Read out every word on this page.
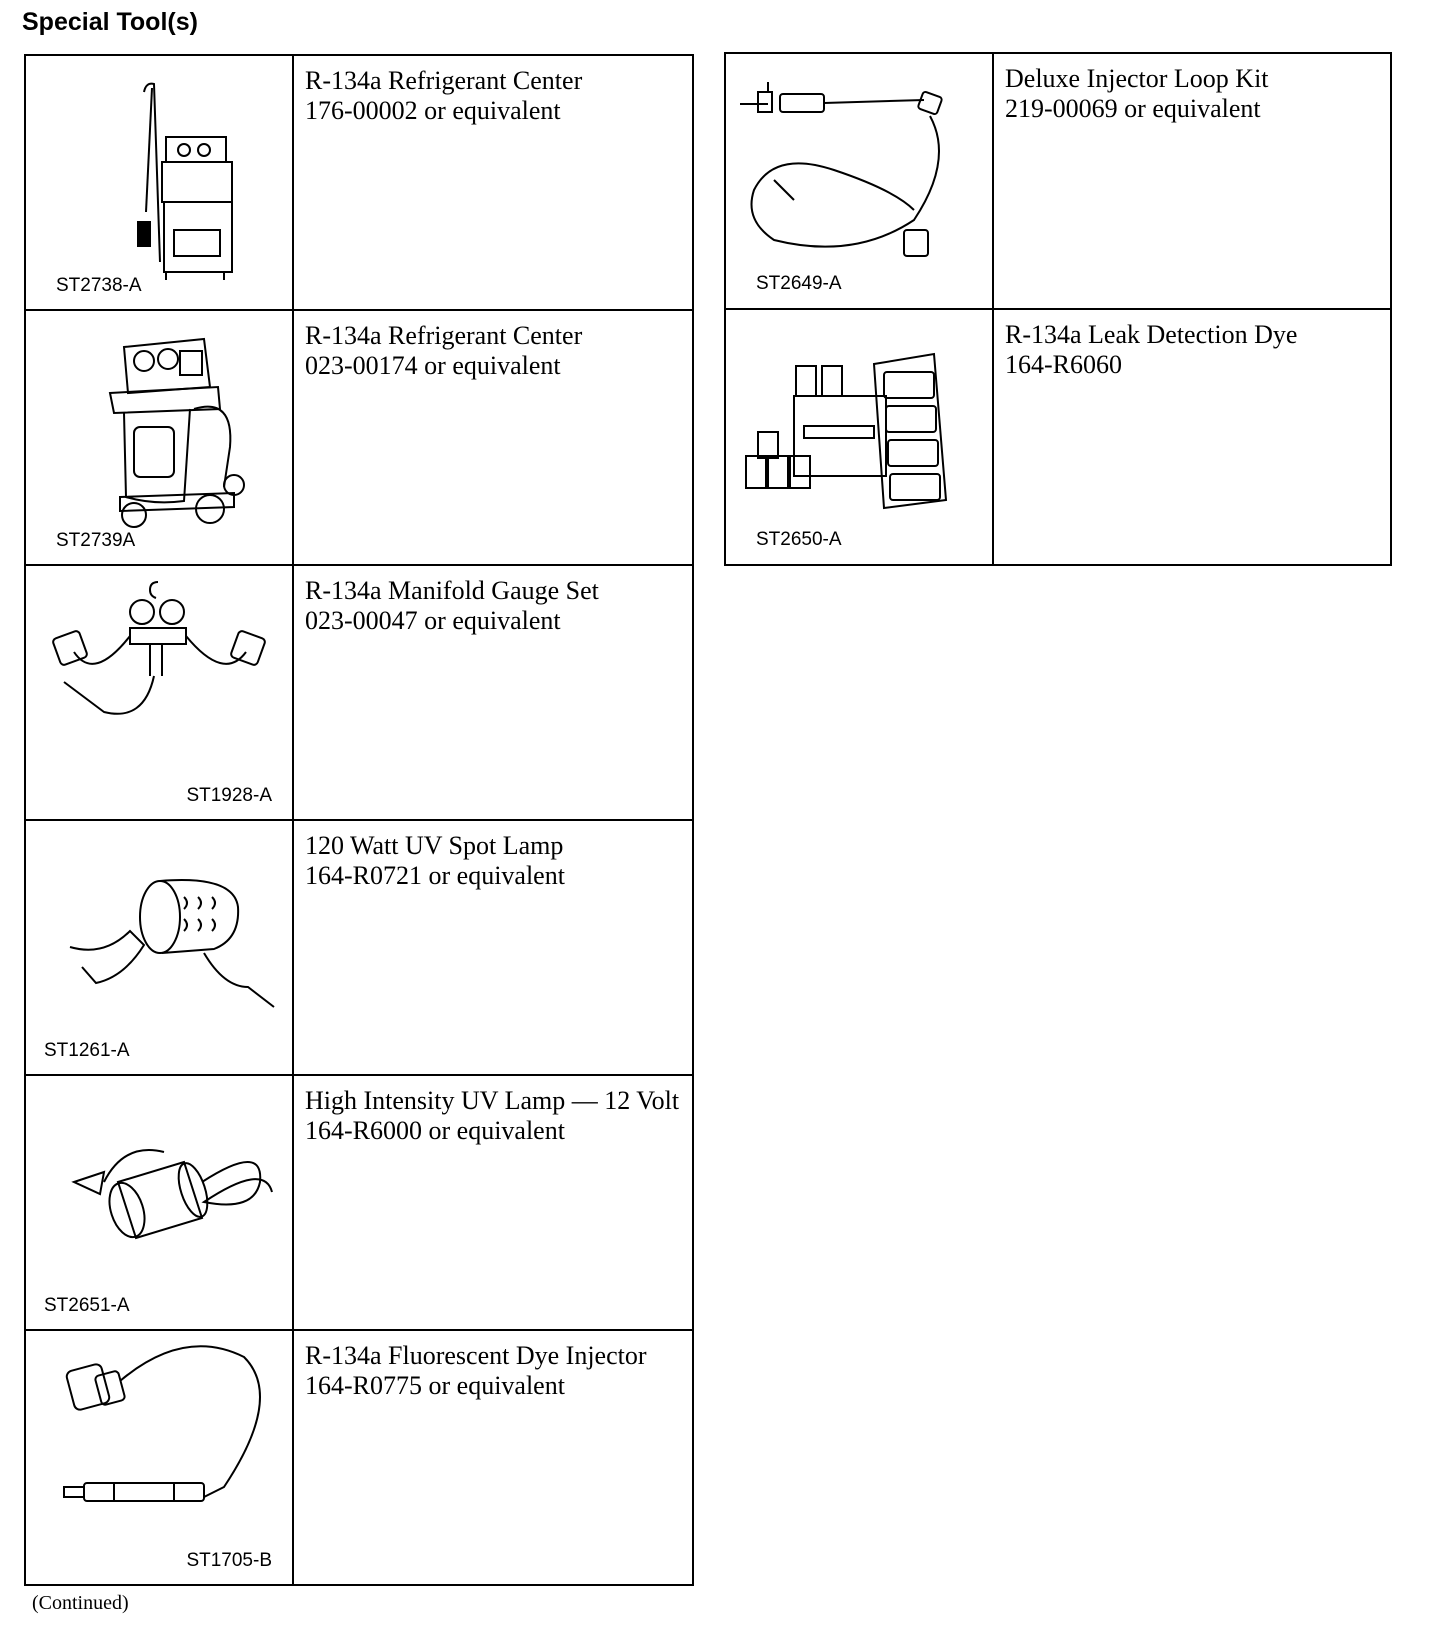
Special Tool(s)
ST2738-A	R-134a Refrigerant Center
176-00002 or equivalent

ST2739A	R-134a Refrigerant Center
023-00174 or equivalent

ST1928-A	R-134a Manifold Gauge Set
023-00047 or equivalent

ST1261-A	120 Watt UV Spot Lamp
164-R0721 or equivalent

ST2651-A	High Intensity UV Lamp — 12 Volt
164-R6000 or equivalent

ST1705-B	R-134a Fluorescent Dye Injector
164-R0775 or equivalent
ST2649-A	Deluxe Injector Loop Kit
219-00069 or equivalent

ST2650-A	R-134a Leak Detection Dye
164-R6060
(Continued)
